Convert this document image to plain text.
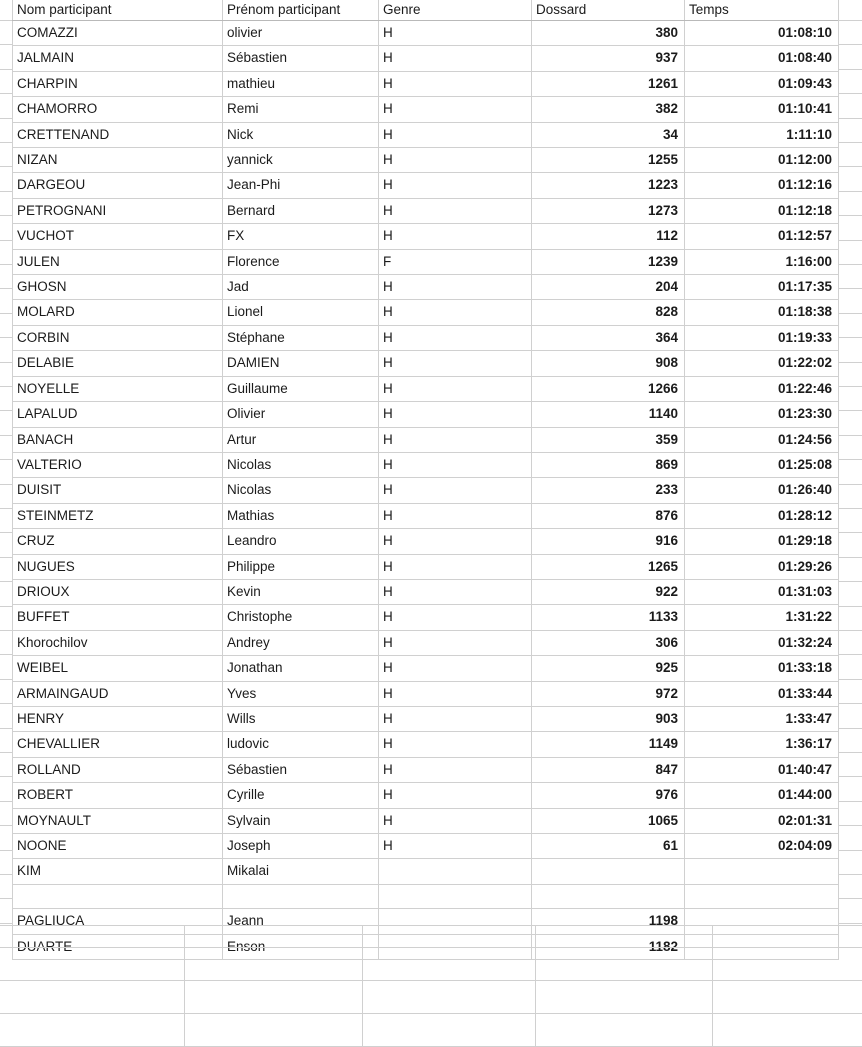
Nom participant	Prénom participant	Genre	Dossard	Temps
COMAZZI	olivier	H	380	01:08:10
JALMAIN	Sébastien	H	937	01:08:40
CHARPIN	mathieu	H	1261	01:09:43
CHAMORRO	Remi	H	382	01:10:41
CRETTENAND	Nick	H	34	1:11:10
NIZAN	yannick	H	1255	01:12:00
DARGEOU	Jean-Phi	H	1223	01:12:16
PETROGNANI	Bernard	H	1273	01:12:18
VUCHOT	FX	H	112	01:12:57
JULEN	Florence	F	1239	1:16:00
GHOSN	Jad	H	204	01:17:35
MOLARD	Lionel	H	828	01:18:38
CORBIN	Stéphane	H	364	01:19:33
DELABIE	DAMIEN	H	908	01:22:02
NOYELLE	Guillaume	H	1266	01:22:46
LAPALUD	Olivier	H	1140	01:23:30
BANACH	Artur	H	359	01:24:56
VALTERIO	Nicolas	H	869	01:25:08
DUISIT	Nicolas	H	233	01:26:40
STEINMETZ	Mathias	H	876	01:28:12
CRUZ	Leandro	H	916	01:29:18
NUGUES	Philippe	H	1265	01:29:26
DRIOUX	Kevin	H	922	01:31:03
BUFFET	Christophe	H	1133	1:31:22
Khorochilov	Andrey	H	306	01:32:24
WEIBEL	Jonathan	H	925	01:33:18
ARMAINGAUD	Yves	H	972	01:33:44
HENRY	Wills	H	903	1:33:47
CHEVALLIER	ludovic	H	1149	1:36:17
ROLLAND	Sébastien	H	847	01:40:47
ROBERT	Cyrille	H	976	01:44:00
MOYNAULT	Sylvain	H	1065	02:01:31
NOONE	Joseph	H	61	02:04:09
KIM	Mikalai			

PAGLIUCA	Jeann		1198	
DUARTE	Enson		1182	
